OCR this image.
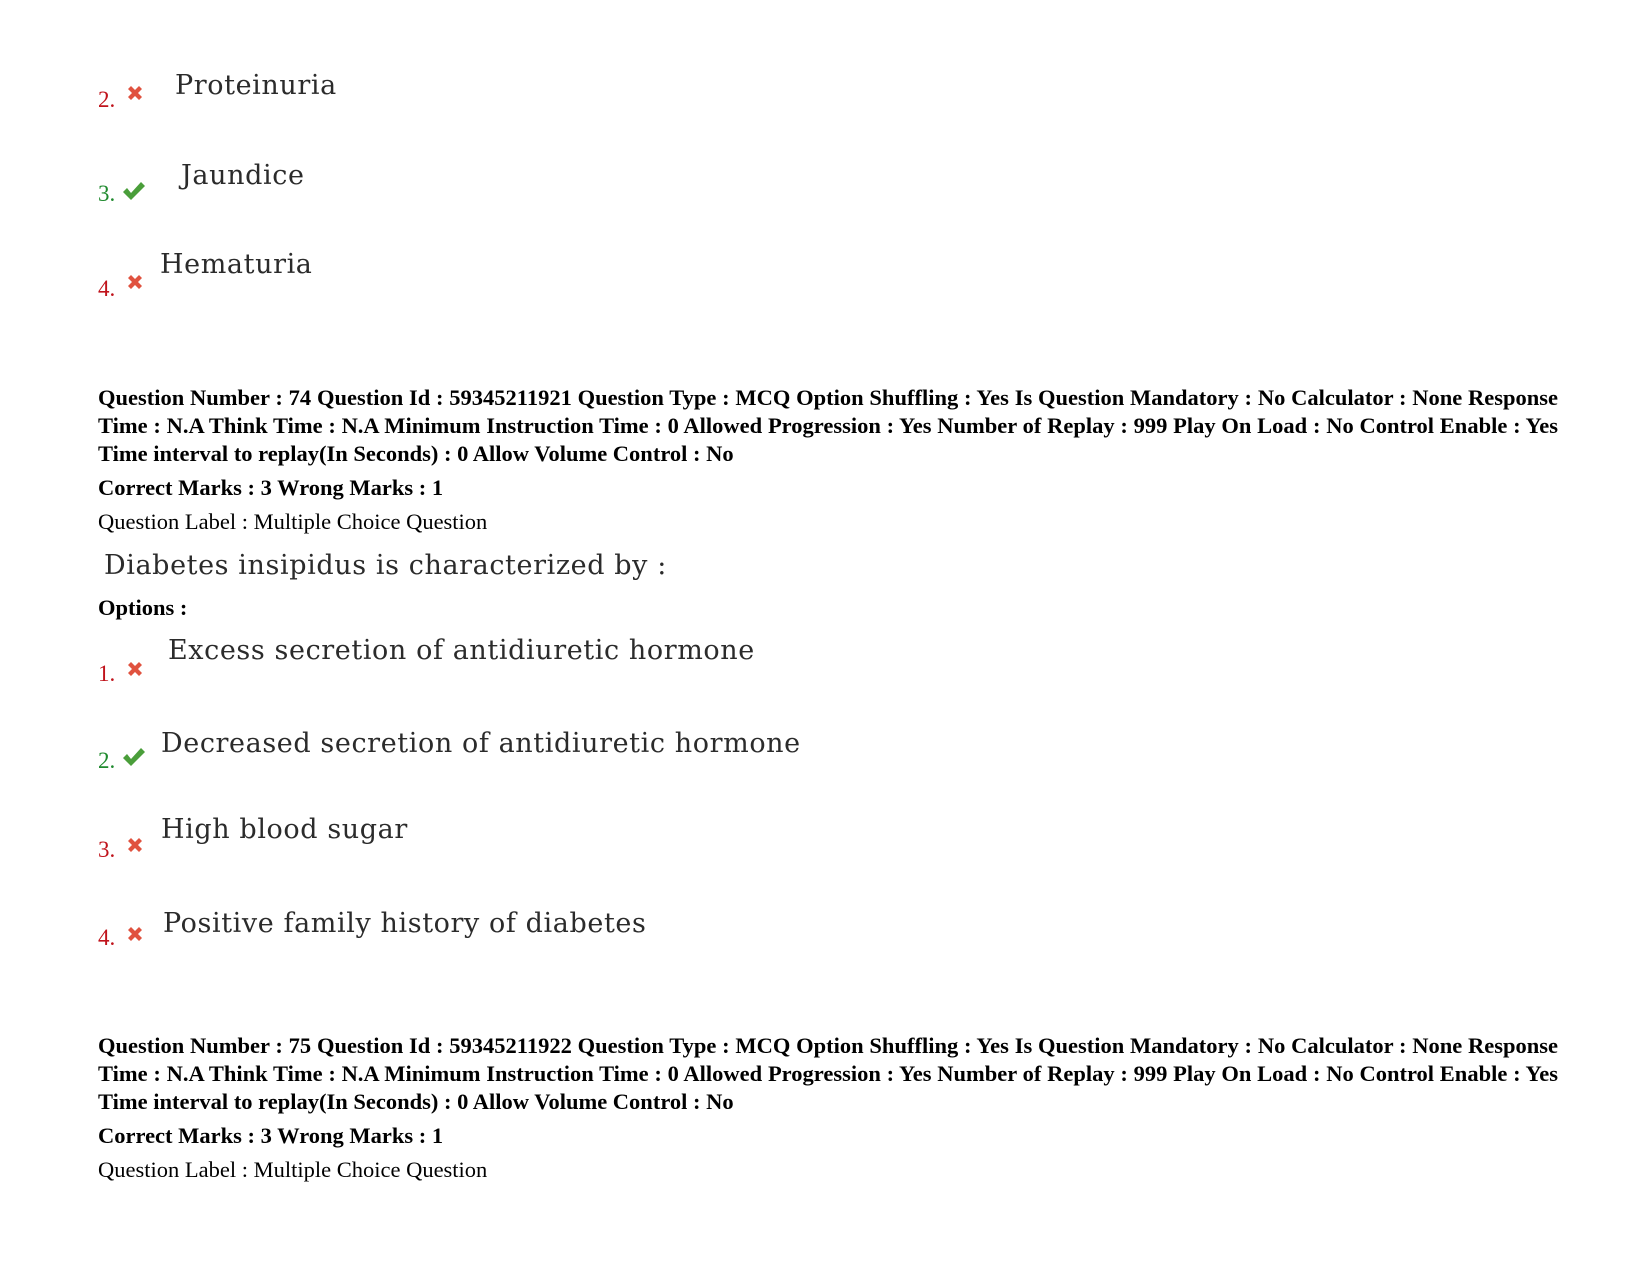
2. Proteinuria
3.
Jaundice
4.
Hematuria
Question Number : 74 Question Id : 59345211921 Question Type : MCQ Option Shuffling : Yes Is Question Mandatory : No Calculator : None Response Time : N.A Think Time : N.A Minimum Instruction Time : 0 Allowed Progression : Yes Number of Replay : 999 Play On Load : No Control Enable : Yes Time interval to replay(In Seconds) : 0 Allow Volume Control : No
Correct Marks : 3 Wrong Marks : 1
Question Label : Multiple Choice Question
Diabetes insipidus is characterized by :
Options :
1.
Excess secretion of antidiuretic hormone
2.
Decreased secretion of antidiuretic hormone
3.
High blood sugar
4. Positive family history of diabetes
Question Number : 75 Question Id : 59345211922 Question Type : MCQ Option Shuffling : Yes Is Question Mandatory : No Calculator : None Response Time : N.A Think Time : N.A Minimum Instruction Time : 0 Allowed Progression : Yes Number of Replay : 999 Play On Load : No Control Enable : Yes Time interval to replay(In Seconds) : 0 Allow Volume Control : No
Correct Marks : 3 Wrong Marks : 1
Question Label : Multiple Choice Question
